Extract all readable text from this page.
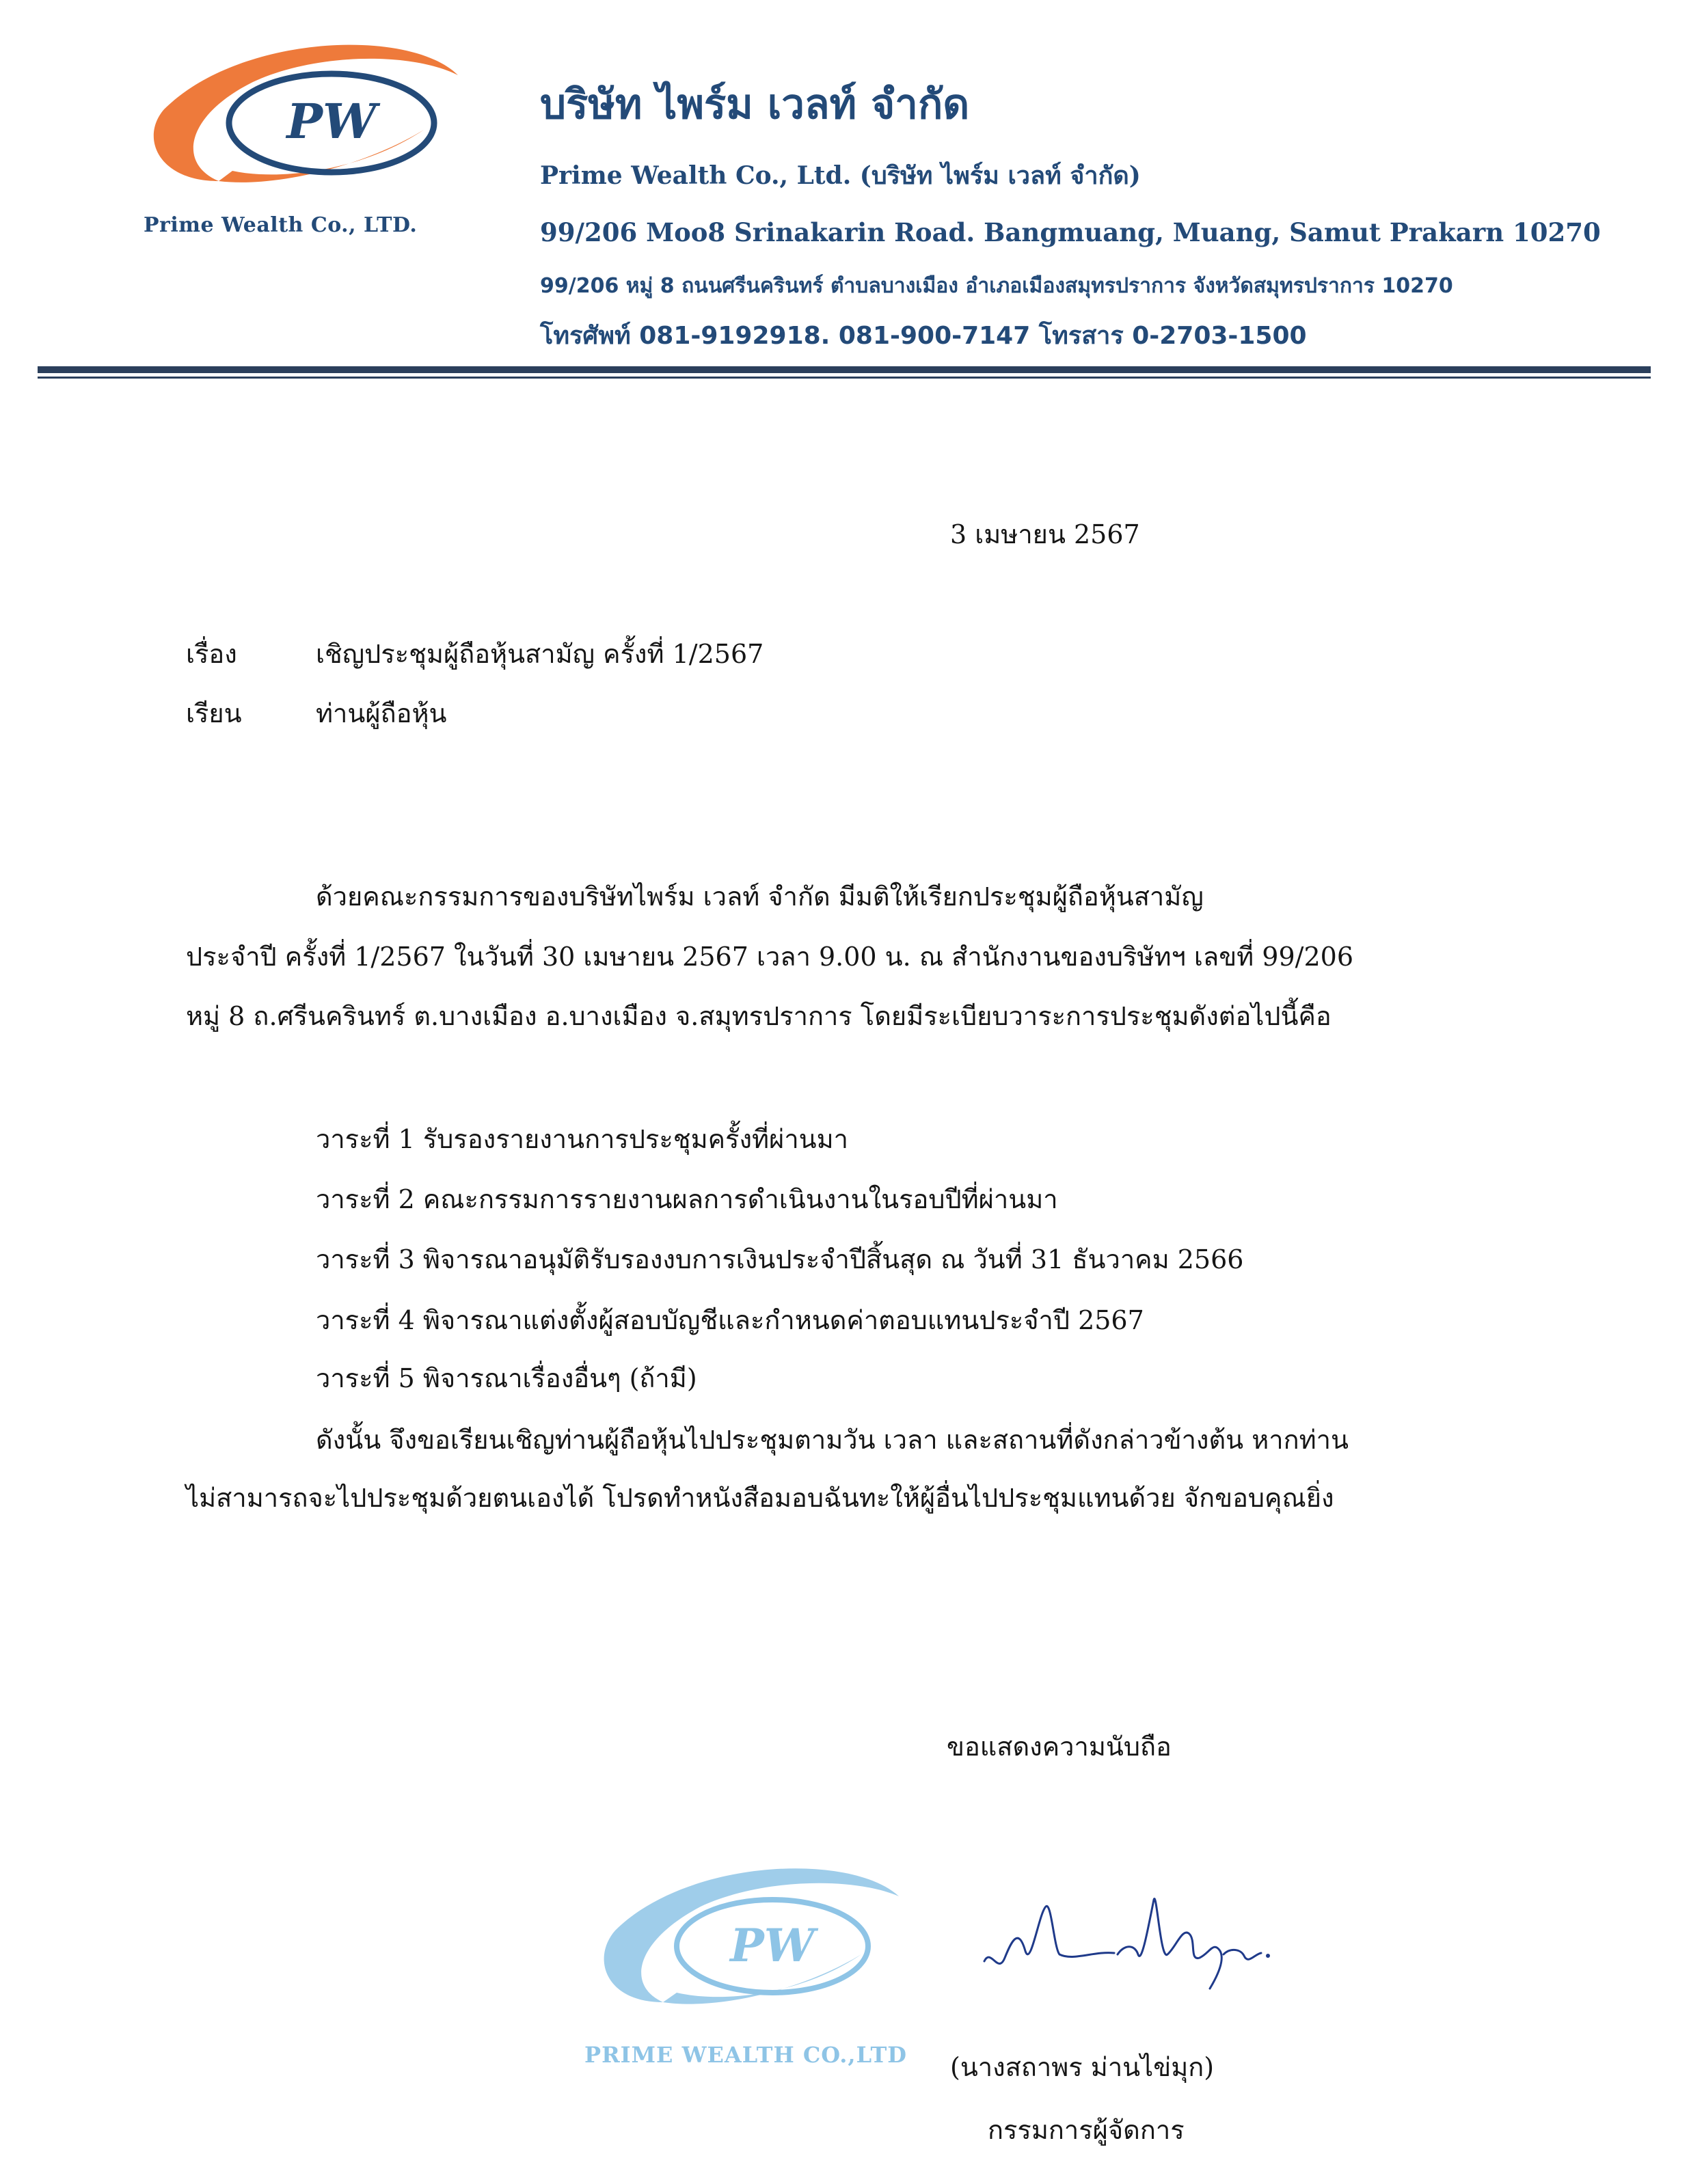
PW
Prime Wealth Co., LTD.
บริษัท ไพร์ม เวลท์ จำกัด
Prime Wealth Co., Ltd. (บริษัท ไพร์ม เวลท์ จำกัด)
99/206 Moo8 Srinakarin Road. Bangmuang, Muang, Samut Prakarn 10270
99/206 หมู่ 8 ถนนศรีนครินทร์ ตำบลบางเมือง อำเภอเมืองสมุทรปราการ จังหวัดสมุทรปราการ 10270
โทรศัพท์ 081-9192918. 081-900-7147 โทรสาร 0-2703-1500
3 เมษายน 2567
เรื่อง	เชิญประชุมผู้ถือหุ้นสามัญ ครั้งที่ 1/2567
เรียน	ท่านผู้ถือหุ้น
ด้วยคณะกรรมการของบริษัทไพร์ม เวลท์ จำกัด มีมติให้เรียกประชุมผู้ถือหุ้นสามัญ
ประจำปี ครั้งที่ 1/2567 ในวันที่ 30 เมษายน 2567 เวลา 9.00 น. ณ สำนักงานของบริษัทฯ เลขที่ 99/206
หมู่ 8 ถ.ศรีนครินทร์ ต.บางเมือง อ.บางเมือง จ.สมุทรปราการ โดยมีระเบียบวาระการประชุมดังต่อไปนี้คือ
วาระที่ 1 รับรองรายงานการประชุมครั้งที่ผ่านมา
วาระที่ 2 คณะกรรมการรายงานผลการดำเนินงานในรอบปีที่ผ่านมา
วาระที่ 3 พิจารณาอนุมัติรับรองงบการเงินประจำปีสิ้นสุด ณ วันที่ 31 ธันวาคม 2566
วาระที่ 4 พิจารณาแต่งตั้งผู้สอบบัญชีและกำหนดค่าตอบแทนประจำปี 2567
วาระที่ 5 พิจารณาเรื่องอื่นๆ (ถ้ามี)
ดังนั้น จึงขอเรียนเชิญท่านผู้ถือหุ้นไปประชุมตามวัน เวลา และสถานที่ดังกล่าวข้างต้น หากท่าน
ไม่สามารถจะไปประชุมด้วยตนเองได้ โปรดทำหนังสือมอบฉันทะให้ผู้อื่นไปประชุมแทนด้วย จักขอบคุณยิ่ง
ขอแสดงความนับถือ
PW
PRIME WEALTH CO.,LTD (นางสถาพร ม่านไข่มุก)
กรรมการผู้จัดการ
